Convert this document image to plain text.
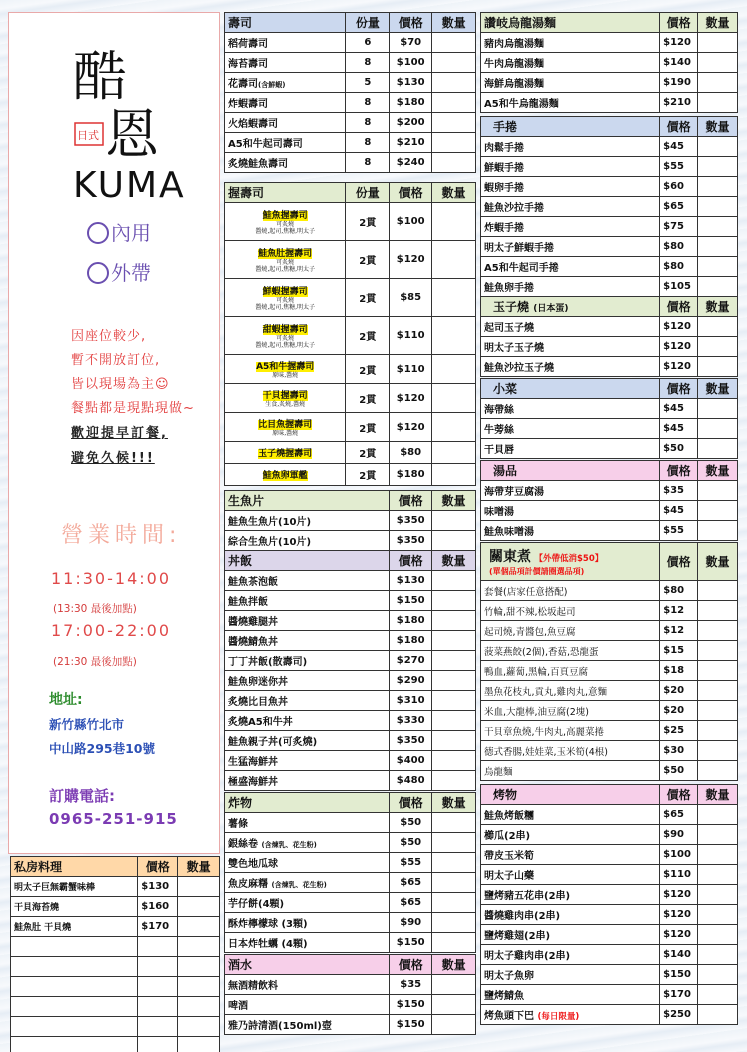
酷
恩
日式
KUMA
內用
外帶
因座位較少,
暫不開放訂位,
皆以現場為主☺
餐點都是現點現做~
歡迎提早訂餐,
避免久候!!!
營業時間:
11:30-14:00
(13:30 最後加點)
17:00-22:00
(21:30 最後加點)
地址:
新竹縣竹北市
中山路295巷10號
訂購電話:
0965-251-915
私房料理	價格	數量
明太子巨無霸蟹味棒	$130	
干貝海苔燒	$160	
鮭魚肚 干貝燒	$170	

壽司	份量	價格	數量
稻荷壽司	6	$70	
海苔壽司	8	$100	
花壽司(含鮮蝦)	5	$130	
炸蝦壽司	8	$180	
火焰蝦壽司	8	$200	
A5和牛起司壽司	8	$210	
炙燒鮭魚壽司	8	$240	
握壽司	份量	價格	數量
鮭魚握壽司
可炙燒
醬燒,起司,焦糖,明太子	2貫	$100	
鮭魚肚握壽司
可炙燒
醬燒,起司,焦糖,明太子	2貫	$120	
鮮蝦握壽司
可炙燒
醬燒,起司,焦糖,明太子	2貫	$85	
甜蝦握壽司
可炙燒
醬燒,起司,焦糖,明太子	2貫	$110	
A5和牛握壽司
原味,醬燒	2貫	$110	
干貝握壽司
生食,炙燒,醬燒	2貫	$120	
比目魚握壽司
原味,醬燒	2貫	$120	
玉子燒握壽司	2貫	$80	
鮭魚卵軍艦	2貫	$180	
生魚片	價格	數量
鮭魚生魚片(10片)	$350	
綜合生魚片(10片)	$350	
丼飯	價格	數量
鮭魚茶泡飯	$130	
鮭魚拌飯	$150	
醬燒雞腿丼	$180	
醬燒鯖魚丼	$180	
丁丁丼飯(散壽司)	$270	
鮭魚卵迷你丼	$290	
炙燒比目魚丼	$310	
炙燒A5和牛丼	$330	
鮭魚親子丼(可炙燒)	$350	
生猛海鮮丼	$400	
極盛海鮮丼	$480	
炸物	價格	數量
薯條	$50	
銀絲卷 (含煉乳、花生粉)	$50	
雙色地瓜球	$55	
魚皮麻糬 (含煉乳、花生粉)	$65	
芋仔餅(4顆)	$65	
酥炸檸檬球 (3顆)	$90	
日本炸牡蠣 (4顆)	$150	
酒水	價格	數量
無酒精飲料	$35	
啤酒	$150	
雅乃詩清酒(150ml)壺	$150	
讚岐烏龍湯麵	價格	數量
豬肉烏龍湯麵	$120	
牛肉烏龍湯麵	$140	
海鮮烏龍湯麵	$190	
A5和牛烏龍湯麵	$210	
手捲	價格	數量
肉鬆手捲	$45	
鮮蝦手捲	$55	
蝦卵手捲	$60	
鮭魚沙拉手捲	$65	
炸蝦手捲	$75	
明太子鮮蝦手捲	$80	
A5和牛起司手捲	$80	
鮭魚卵手捲	$105	
玉子燒 (日本蛋)	價格	數量
起司玉子燒	$120	
明太子玉子燒	$120	
鮭魚沙拉玉子燒	$120	
小菜	價格	數量
海帶絲	$45	
牛蒡絲	$45	
干貝唇	$50	
湯品	價格	數量
海帶芽豆腐湯	$35	
味噌湯	$45	
鮭魚味噌湯	$55	
關東煮 【外帶低消$50】
(單個品項計價請圈選品項)	價格	數量
套餐(店家任意搭配)	$80	
竹輪,甜不辣,松坂起司	$12	
起司燒,青醬包,魚豆腐	$12	
菠菜燕餃(2個),香菇,恐龍蛋	$15	
鴨血,蘿蔔,黑輪,百頁豆腐	$18	
墨魚花枝丸,貢丸,雞肉丸,意麵	$20	
米血,大龍棒,油豆腐(2塊)	$20	
干貝章魚燒,牛肉丸,高麗菜捲	$25	
德式香腸,娃娃菜,玉米筍(4根)	$30	
烏龍麵	$50	
烤物	價格	數量
鮭魚烤飯糰	$65	
櫛瓜(2串)	$90	
帶皮玉米筍	$100	
明太子山藥	$110	
鹽烤豬五花串(2串)	$120	
醬燒雞肉串(2串)	$120	
鹽烤雞翅(2串)	$120	
明太子雞肉串(2串)	$140	
明太子魚卵	$150	
鹽烤鯖魚	$170	
烤魚頭下巴 (每日限量)	$250	
